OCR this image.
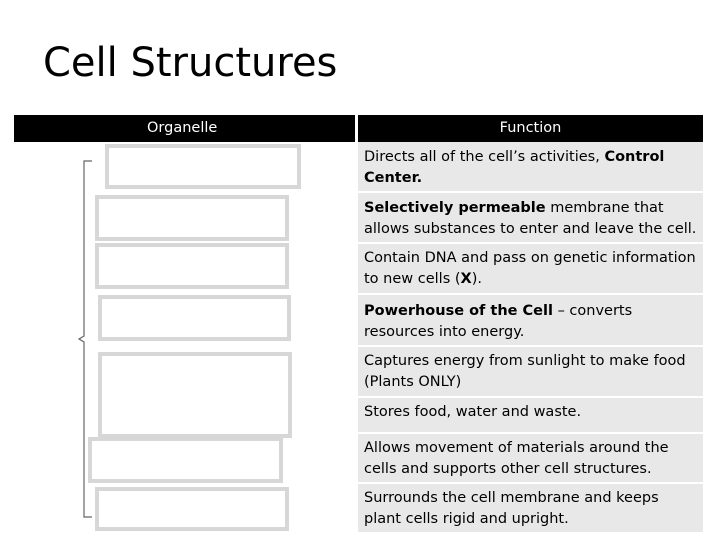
Cell Structures
Organelle	Function
Directs all of the cell’s activities, Control Center.
Selectively permeable membrane that allows substances to enter and leave the cell.
Contain DNA and pass on genetic information to new cells (X).
Powerhouse of the Cell – converts resources into energy.
Captures energy from sunlight to make food (Plants ONLY)
Stores food, water and waste.
Allows movement of materials around the cells and supports other cell structures.
Surrounds the cell membrane and keeps plant cells rigid and upright.
